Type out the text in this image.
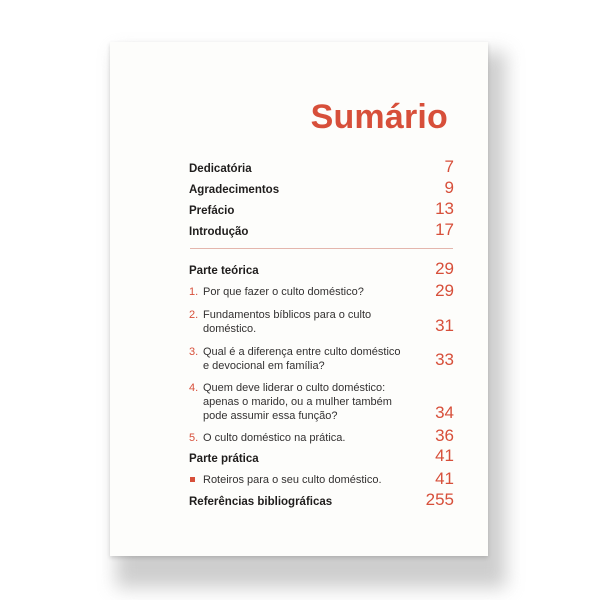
Sumário
Dedicatória	7
Agradecimentos	9
Prefácio	13
Introdução	17
Parte teórica	29
1. Por que fazer o culto doméstico?	29
2. Fundamentos bíblicos para o culto
doméstico.	31
3. Qual é a diferença entre culto doméstico
e devocional em família?	33
4. Quem deve liderar o culto doméstico:
apenas o marido, ou a mulher também
pode assumir essa função?	34
5. O culto doméstico na prática.	36
Parte prática	41
Roteiros para o seu culto doméstico.	41
Referências bibliográficas	255
